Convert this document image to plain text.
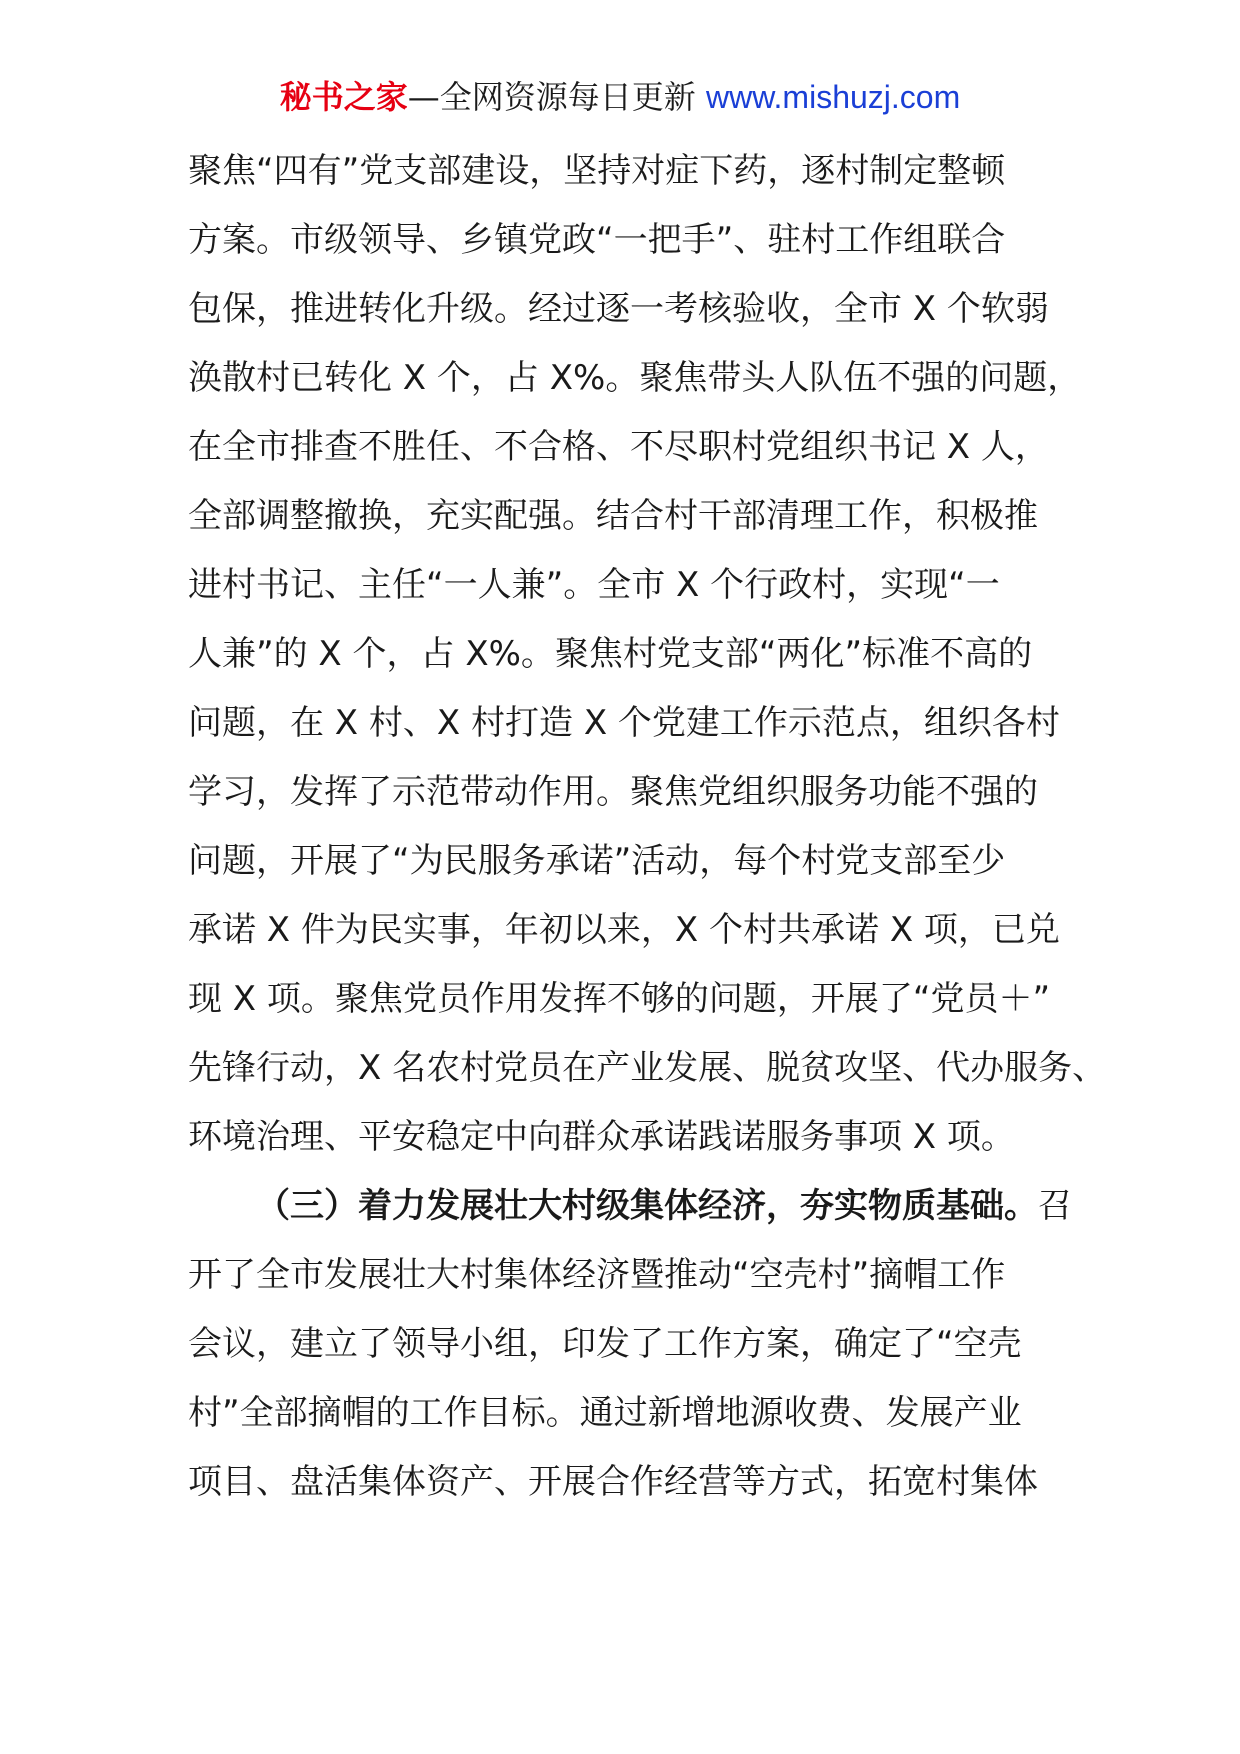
秘书之家—全网资源每日更新 www.mishuzj.com
聚焦“四有”党支部建设，坚持对症下药，逐村制定整顿
方案。市级领导、乡镇党政“一把手”、驻村工作组联合
包保，推进转化升级。经过逐一考核验收，全市 X 个软弱
涣散村已转化 X 个，占 X%。聚焦带头人队伍不强的问题，
在全市排查不胜任、不合格、不尽职村党组织书记 X 人，
全部调整撤换，充实配强。结合村干部清理工作，积极推
进村书记、主任“一人兼”。全市 X 个行政村，实现“一
人兼”的 X 个，占 X%。聚焦村党支部“两化”标准不高的
问题，在 X 村、X 村打造 X 个党建工作示范点，组织各村
学习，发挥了示范带动作用。聚焦党组织服务功能不强的
问题，开展了“为民服务承诺”活动，每个村党支部至少
承诺 X 件为民实事，年初以来，X 个村共承诺 X 项，已兑
现 X 项。聚焦党员作用发挥不够的问题，开展了“党员＋”
先锋行动，X 名农村党员在产业发展、脱贫攻坚、代办服务、
环境治理、平安稳定中向群众承诺践诺服务事项 X 项。
（三）着力发展壮大村级集体经济，夯实物质基础。召
开了全市发展壮大村集体经济暨推动“空壳村”摘帽工作
会议，建立了领导小组，印发了工作方案，确定了“空壳
村”全部摘帽的工作目标。通过新增地源收费、发展产业
项目、盘活集体资产、开展合作经营等方式，拓宽村集体
